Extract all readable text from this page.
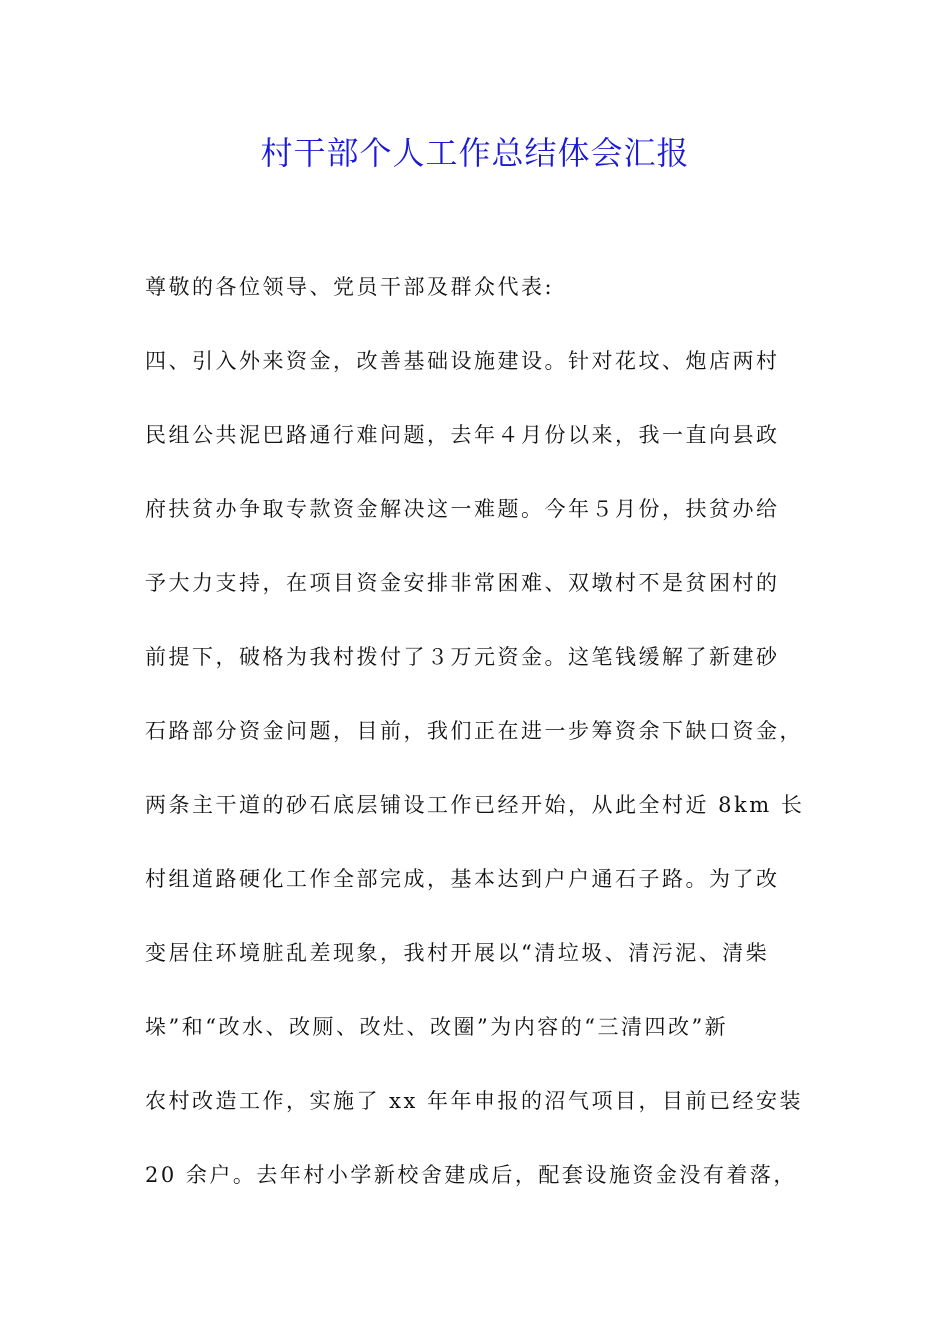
村干部个人工作总结体会汇报
尊敬的各位领导、党员干部及群众代表:
四、引入外来资金，改善基础设施建设。针对花坟、炮店两村
民组公共泥巴路通行难问题，去年４月份以来，我一直向县政
府扶贫办争取专款资金解决这一难题。今年５月份，扶贫办给
予大力支持，在项目资金安排非常困难、双墩村不是贫困村的
前提下，破格为我村拨付了３万元资金。这笔钱缓解了新建砂
石路部分资金问题，目前，我们正在进一步筹资余下缺口资金，
两条主干道的砂石底层铺设工作已经开始，从此全村近 8km 长
村组道路硬化工作全部完成，基本达到户户通石子路。为了改
变居住环境脏乱差现象，我村开展以“清垃圾、清污泥、清柴
垛”和“改水、改厕、改灶、改圈”为内容的“三清四改”新
农村改造工作，实施了 xx 年年申报的沼气项目，目前已经安装
20 余户。去年村小学新校舍建成后，配套设施资金没有着落，
